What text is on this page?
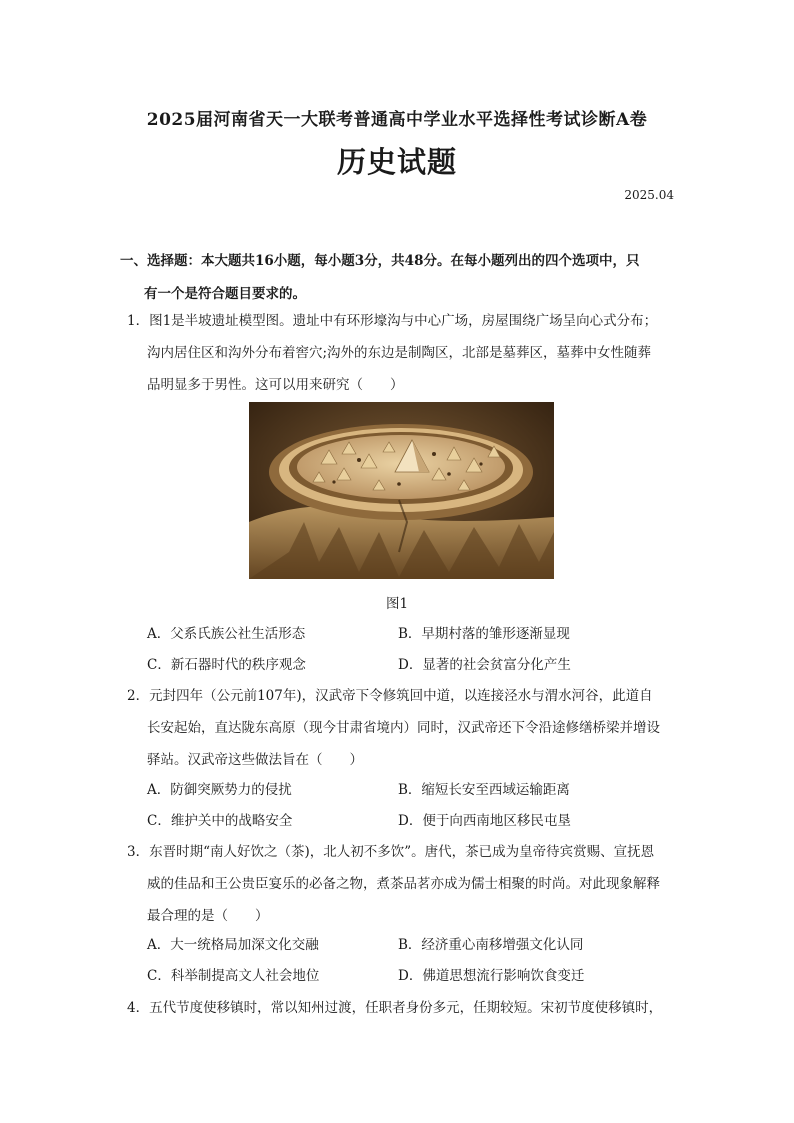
2025届河南省天一大联考普通高中学业水平选择性考试诊断A卷
历史试题
2025.04
一、选择题：本大题共16小题，每小题3分，共48分。在每小题列出的四个选项中，只
有一个是符合题目要求的。
1．图1是半坡遗址模型图。遗址中有环形壕沟与中心广场，房屋围绕广场呈向心式分布；
沟内居住区和沟外分布着窖穴;沟外的东边是制陶区，北部是墓葬区，墓葬中女性随葬
品明显多于男性。这可以用来研究（　　）
图1
A．父系氏族公社生活形态	B．早期村落的雏形逐渐显现
C．新石器时代的秩序观念	D．显著的社会贫富分化产生
2．元封四年（公元前107年)，汉武帝下令修筑回中道，以连接泾水与渭水河谷，此道自
长安起始，直达陇东高原（现今甘肃省境内）同时，汉武帝还下令沿途修缮桥梁并增设
驿站。汉武帝这些做法旨在（　　）
A．防御突厥势力的侵扰	B．缩短长安至西域运输距离
C．维护关中的战略安全	D．便于向西南地区移民屯垦
3．东晋时期“南人好饮之（茶)，北人初不多饮”。唐代，茶已成为皇帝待宾赏赐、宣抚恩
威的佳品和王公贵臣宴乐的必备之物，煮茶品茗亦成为儒士相聚的时尚。对此现象解释
最合理的是（　　）
A．大一统格局加深文化交融	B．经济重心南移增强文化认同
C．科举制提高文人社会地位	D．佛道思想流行影响饮食变迁
4．五代节度使移镇时，常以知州过渡，任职者身份多元，任期较短。宋初节度使移镇时，
